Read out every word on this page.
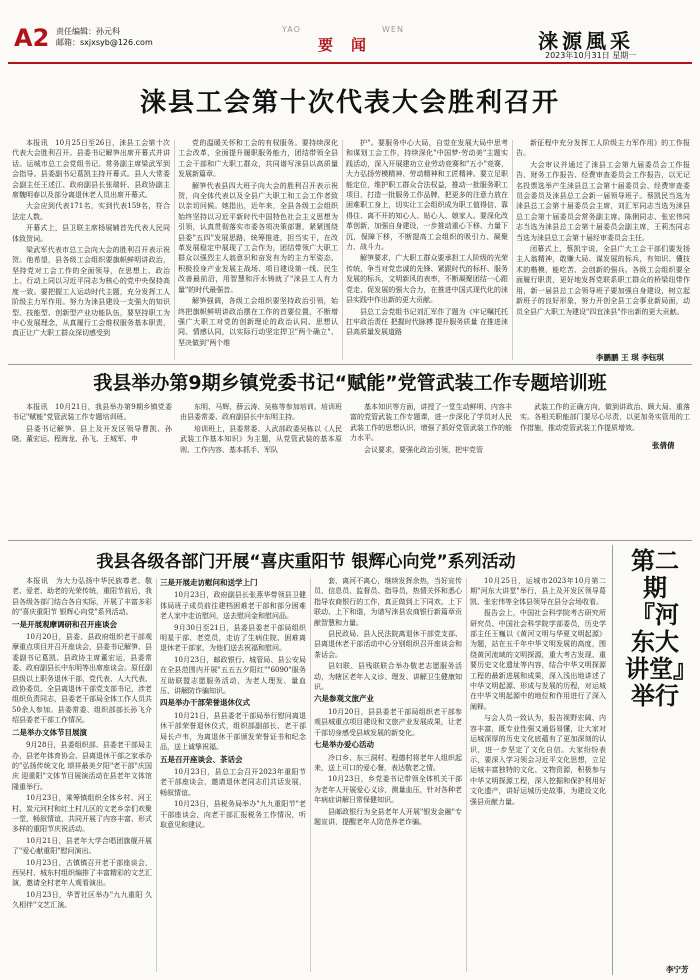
A2 责任编辑：孙元科
邮箱：sxjxsyb@126.com
YAO	WEN
要闻	涞源風采
2023年10月31日 星期一
涞县工会第十次代表大会胜利召开

本报讯　10月25日至26日，涞县工会第十次代表大会胜利召开。县委书记解笋出席开幕式并讲话。运城市总工会党组书记、常务副主席梁武军到会指导。县委副书记葛凯主持开幕式。县人大常委会副主任王述江、政府副县长张瑞轩、县政协副主席魏明春以及部分离退休老人员出席开幕式。

大会应到代表171名，实到代表159名，符合法定人数。

开幕式上，县卫联主席杨展辅首先代表人民同体致贺词。

梁武军代表市总工会向大会的胜利召开表示祝贺。他希望，县各级工会组织要旗帜鲜明讲政治，坚持党对工会工作的全面领导，在思想上、政治上、行动上同以习近平同志为核心的党中央保持高度一致。要把握工人运动时代主题，充分发挥工人阶级主力军作用。努力为涞县建设一支强大的知识型、技能型、创新型产业功能队伍，要坚持职工为中心发展理念，从真履行工会维权服务基本职责，真正让广大职工群众深切感受到

党的温暖关怀和工会的有权服务。要持续深化工会改革，全面提升履职服务能力，团结带领全县工会干部和广大职工群众，共同谱写涞县以高质量发展新篇章。

解笋代表县四大班子向大会的胜利召开表示祝贺，向全体代表以及全县广大职工和工会工作者致以亲切问候。她指出，近年来，全县各级工会组织始终坚持以习近平新时代中国特色社会主义思想为引领，认真贯彻落实市委各项决策部署，紧紧围绕县委"五四"发展思路，统筹推进，担当实干，在改革发展稳定中展现了工会作为，团结带领广大职工群众以强烈主人翁意识和奋发有为的主力军姿态，积极投身产业发展主战场、项目建设第一线、民生改善最前沿，用智慧和汗水铸就了"涞县工人有力量"的时代最强音。

解笋强调，各级工会组织要坚持政治引领，始终把旗帜鲜明讲政治摆在工作的首要位置，不断增强广大职工对党的创新理论的政治认同、思想认同、情感认同，以实际行动坚定捍卫"两个确立"、坚决做到"两个维

护"。要服务中心大局，自觉在发展大局中思考和谋划工会工作，持续深化"中国梦·劳动美"主题实践活动，深入开展建功立业劳动竞赛和"五小"竞赛，大力弘扬劳模精神、劳动精神和工匠精神。要立足职能定位，维护职工群众合法权益，推动一批服务职工项目，打造一批服务工作品牌，把更多的注意力放在困难职工身上，切实让工会组织成为职工值得信、靠得住、离不开的知心人、贴心人、娘家人。要深化改革创新，加强自身建设，一步推动重心下移、力量下沉，保障下移，不断提高工会组织的吸引力、凝聚力、战斗力。

解笋要求，广大职工群众要承担工人阶级的光荣传统，争当对党忠诚的先锋、紧跟时代的标杆、服务发展的标兵，文明新风的表率，不断凝聚团结一心跟党走、促发展的强大合力，在推进中国式现代化的涞县实践中作出新的更大贡献。

县总工会党组书记刘汇军作了题为《牢记嘱托托 扛牢政治责任 把握时代脉搏 提升服务质量 在推进涞县高质量发展道路

新征程中充分发挥工人阶级主力军作用》的工作报告。

大会审议并通过了涞县工会第九届委员会工作报告、财务工作报告、经费审查委员会工作报告，以无记名投票选举产生涞县总工会第十届委员会、经费审查委员会委员及涞县总工会新一届领导班子。蔡凯民当选为涞县总工会第十届委员会主席，刘汇军同志当选为涞县总工会第十届委员会常务副主席。陈俐同志、张宏伟同志当选为涞县总工会第十届委员会副主席，王莉杰同志当选为涞县总工会第十届经审委员会主任。

闭幕式上，蔡凯宇说，全县广大工会干部们要发扬主人翁精神，敢赚大局、谋发展的标兵，有知识、懂技术的楷模，能吃苦、会创新的强兵。各级工会组织要全面履行职责，更好地发挥党联系职工群众的桥梁纽带作用，新一届县总工会领导班子要加强自身建设，树立起新班子的良好形象，努力开创全县工会事业新局面，动员全县广大职工为建设"四宜涞县"作出新的更大贡献。

李鹏鹏 王 琪 李钰琪
我县举办第9期乡镇党委书记“赋能”党管武装工作专题培训班

本报讯　10月21日，我县举办第9期乡镇党委书记"赋能"党管武装工作专题培训班。

县委书记解笋、县上及开发区领导曹凯、孙晓、董宏运、程海龙、孙飞、王城军、申

东明、马辉、薛云涛、吴栋等参加培训。培训班由县委常委、政府副县长中东明主持。

培训班上，县委常委、人武部政委吴栋以《人民武装工作基本知识》为主题，从党管武装的基本原则、工作内容、基本抓手、军队

基本知识等方面，讲授了一堂生动鲜明、内容丰富的党管武装工作专题课，进一步深化了学员对人民武装工作的思想认识，增强了抓好党管武装工作的能力水平。

会议要求，要强化政治引领，把牢党管

武装工作的正确方向，做到讲政治、顾大局、重落实。各相关职能部门要尽心尽责，以更加务实管用的工作措施，推动党管武装工作提质增效。

张倩倩
我县各级各部门开展“喜庆重阳节 银辉心向党”系列活动

本报讯　为大力弘扬中华民族尊老、敬老、爱老、助老的光荣传统，重阳节前后，我县各级各部门结合各自实际，开展了丰富多彩的"喜庆重阳节 银辉心向党"系列活动。

一是开展观摩调研和召开座谈会

10月20日，县委、县政府组织老干部观摩重点项目并召开座谈会，县委书记解笋、县委副书记葛凯、县政协主席董宏运，县委常委、政府副县长中东明等出席座谈会。原任副县级以上职务退休干部，党代表、人大代表、政协委员、全县离退休干部党支部书记，涉老组织负责同志，县委老干部局全体工作人员共50余人参加。县委常委、组织部部长孙飞介绍县委老干部工作情况。

二是举办文体节目展演

9月28日，县委组织部、县委老干部局主办，县老年体育协会、县离退休干部之家承办的"弘扬传统文化 颂祥最美夕阳"老干部"庆国庆 迎重阳"文体节目展演活动在县老年文体馆隆重举行。

10月23日，乘筹镇组织全体乡村、河王村、炭元河村和红土村儿区的文老乡亲们欢聚一堂，畅叙情谊，共同开展了内容丰富、形式多样的重阳节庆祝活动。

10月21日，县老年大学合唱团旗舰开展了"爱心献重阳"慰问演出。

10月23日，古镇镇召开老干部座谈会，西吴村、城东村组织编排了丰富精彩的文艺汇演，邀请全村老年人观看演出。

10月23日，华晋社区举办"九九重阳 久久相伴"文艺汇演。

三是开展走访慰问和送学上门

10月23日，政府副县长张燕华带领县卫健体局班子成员前往建档困难老干部和部分困难老人家中走访慰问，送去慰问金和慰问品。

9月30日至21日，县委县委老干部局组织明星干部、老党员，走访了生病住院、困难离退休老干部家，为他们送去祝福和慰问。

10月23日，邮政银行、城管局、县公安局在全县范围内开展"五五五夕阳红""6090"服务互助联盟志愿服务活动，为老人理发、量血压、讲解防诈骗知识。

四是举办干部荣誉退休仪式

10月21日，县县委老干部局举行慰问离退休干部荣誉退休仪式，组织部副部长、老干部局长卢韦，为离退休干部颁发荣誉证书和纪念品，送上诚挚祝福。

五是召开座谈会、茶话会

10月23日，县总工会召开2023年重阳节老干部座谈会，邀请退休老同志们共话发展，畅叙情谊。

10月23日，县税务局举办"九九重阳节"老干部座谈会，向老干部汇报税务工作情况，听取意见和建议。

套，离河不离心，继续发挥余热，当好宣传员、信息员、监督员、指导员，热情关怀和悉心指导农商银行的工作，真正做到上下同欢、上下联动、上下和谐，为谱写涞县农商银行新篇章贡献智慧和力量。

县民政局、县人民法院离退休干部党支部、县离退休老干部活动中心分别组织召开座谈会和茶话会。

县妇联、县残联联合举办敬老志愿服务活动，为辖区老年人义诊、理发、讲解卫生健康知识。

六是参观文旅产业

10月20日，县县委老干部局组织老干部参观县城重点项目建设和文旅产业发展成果，让老干部切身感受县域发展的新变化。

七是举办爱心活动

冷口乡、东三洞村、程德村将老年人组织起来，送上可口的爱心餐，表达敬老之情。

10月23日，乡党委书记带领全体机关干部为老年人开展爱心义诊，测量血压，针对各种老年病症讲解日常保健知识。

县邮政银行为全县老年人开展"银发金融"专题宣讲，提醒老年人防范养老诈骗。

10月25日，运城市2023年10月第二期"河东大讲堂"举行，县上及开发区领导葛凯、张宏伟等全体县领导在县分会场收看。

报告会上，中国社会科学院考古研究所研究员、中国社会科学院学部委员，历史学部主任王巍以《黄河文明与华夏文明起源》为题，站在五千年中华文明发展的高度，围绕黄河流域的文明探源，重大考古发现、重要历史文化遗址等内容，结合中华文明探源工程的最新进展和成果，深入浅出地讲述了中华文明起源、形成与发展的历程，对运城在中华文明起源中的地位和作用进行了深入阐释。

与会人员一致认为，报告视野宏阔、内容丰富，既专业性强又通俗易懂，让大家对运城深厚的历史文化底蕴有了更加深刻的认识，进一步坚定了文化自信。大家纷纷表示，要深入学习领会习近平文化思想，立足运城丰富独特的文化、文物资源，积极参与中华文明探源工程，深入挖掘和保护利用好文化遗产，讲好运城历史故事，为建设文化强县贡献力量。

李宁芳
第二期『河东大讲堂』举行
